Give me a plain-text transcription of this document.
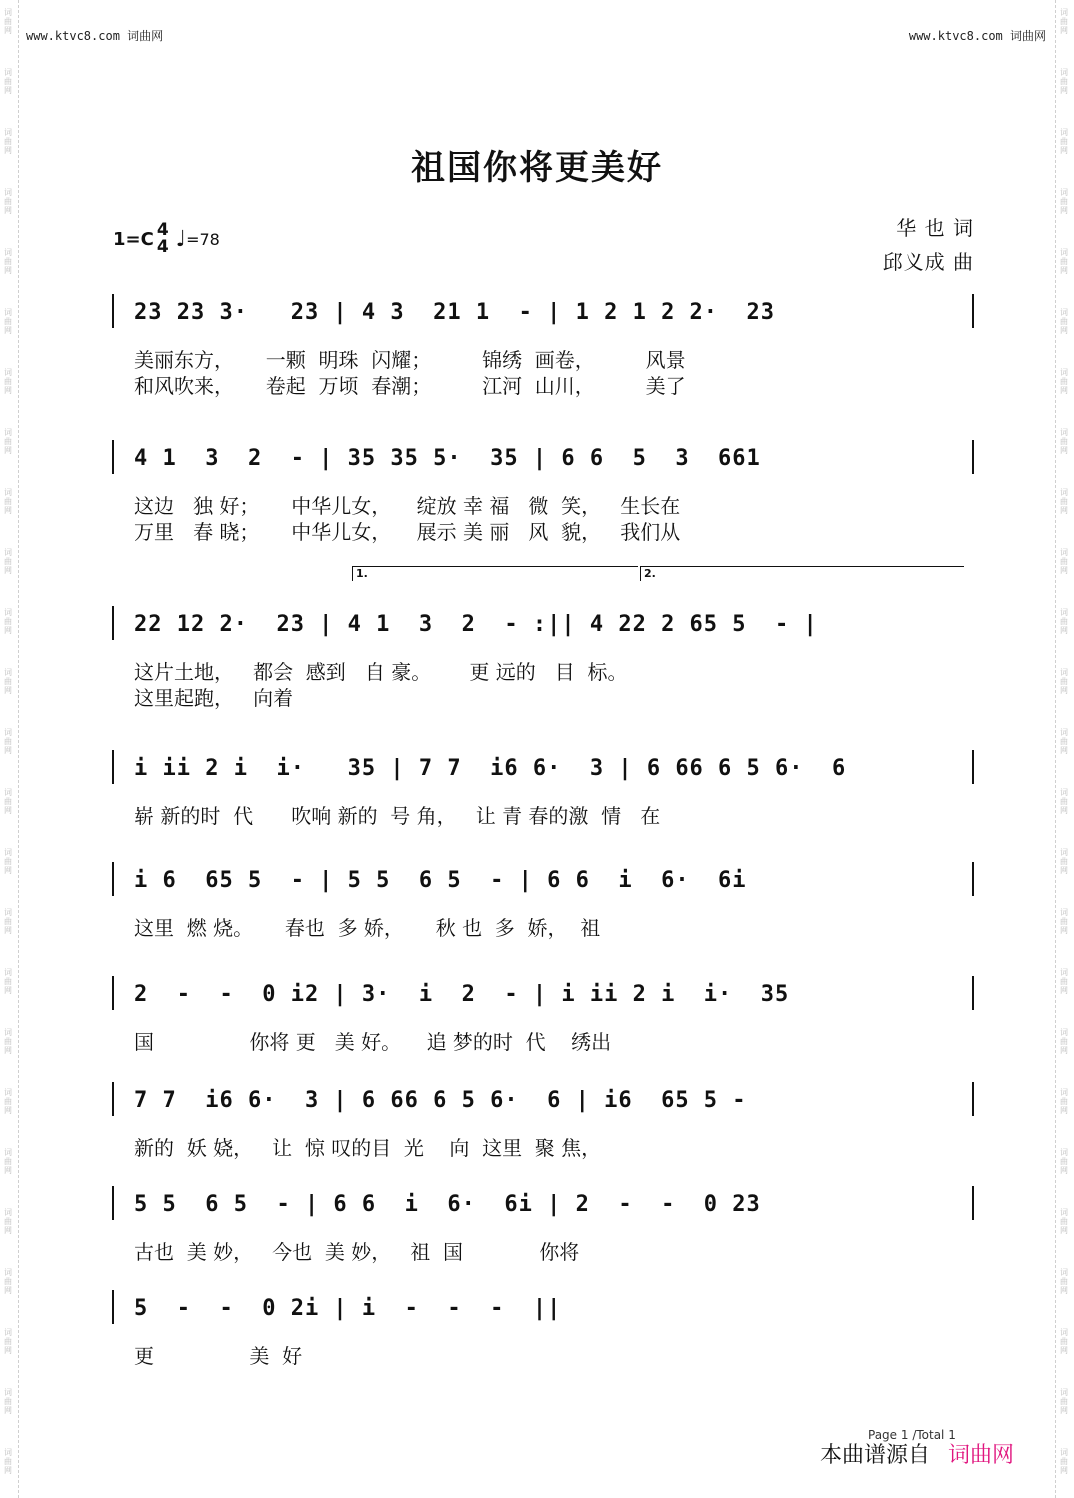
词曲网
词曲网
词曲网
词曲网
词曲网
词曲网
词曲网
词曲网
词曲网
词曲网
词曲网
词曲网
词曲网
词曲网
词曲网
词曲网
词曲网
词曲网
词曲网
词曲网
词曲网
词曲网
词曲网
词曲网
词曲网
词曲网
词曲网
词曲网
词曲网
词曲网
词曲网
词曲网
词曲网
词曲网
词曲网
词曲网
词曲网
词曲网
词曲网
词曲网
词曲网
词曲网
词曲网
词曲网
词曲网
词曲网
词曲网
词曲网
词曲网
词曲网
www.ktvc8.com 词曲网	www.ktvc8.com 词曲网
祖国你将更美好
1=C 4
4 ♩ =78	华 也 词
邱义成 曲
23 23 3·   23 | 4 3  21 1  - | 1 2 1 2 2·  23
美丽东方，     一颗  明珠  闪耀；        锦绣  画卷，        风景
和风吹来，     卷起  万顷  春潮；        江河  山川，        美了
4 1  3  2  - | 35 35 5·  35 | 6 6  5  3  661
这边   独 好；     中华儿女，    绽放 幸 福   微  笑，   生长在
万里   春 晓；     中华儿女，    展示 美 丽   风  貌，   我们从
1.	2.
22 12 2·  23 | 4 1  3  2  - :|| 4 22 2 65 5  - |
这片土地，   都会  感到   自 豪。      更 远的   目  标。
这里起跑，   向着
i ii 2 i  i·   35 | 7 7  i6 6·  3 | 6 66 6 5 6·  6
崭 新的时  代      吹响 新的  号 角，   让 青 春的激  情   在
i 6  65 5  - | 5 5  6 5  - | 6 6  i  6·  6i
这里  燃 烧。     春也  多 娇，     秋 也  多  娇，  祖
2  -  -  0 i2 | 3·  i  2  - | i ii 2 i  i·  35
国               你将 更   美 好。    追 梦的时  代    绣出
7 7  i6 6·  3 | 6 66 6 5 6·  6 | i6  65 5 -
新的  妖 娆，   让  惊 叹的目  光    向  这里  聚 焦，
5 5  6 5  - | 6 6  i  6·  6i | 2  -  -  0 23
古也  美 妙，   今也  美 妙，   祖  国            你将
5  -  -  0 2i | i  -  -  -  ||
更               美  好
Page 1 /Total 1
本曲谱源自 词曲网
